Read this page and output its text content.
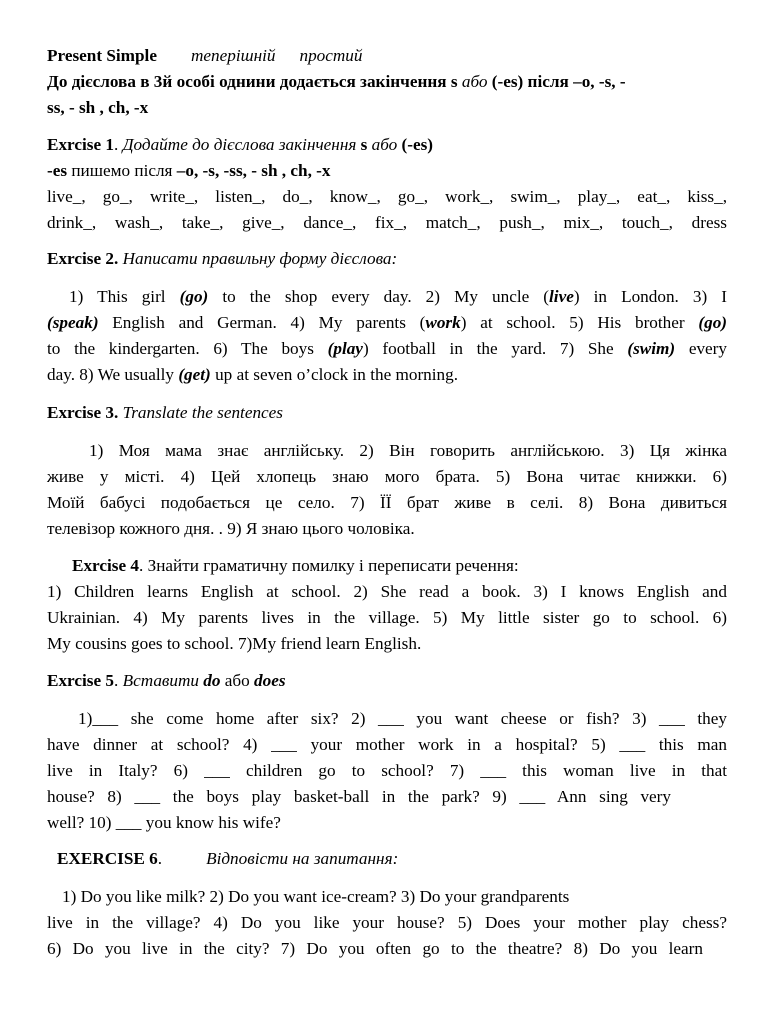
Present Simple теперішній простий
До дієслова в 3й особі однини додається закінчення s або (-es) після –о, -s, -
ss, - sh , ch, -x
Exrcise 1. Додайте до дієслова закінчення s або (-es)
-es пишемо після –о, -s, -ss, - sh , ch, -x
live_, go_, write_, listen_, do_, know_, go_, work_, swim_, play_, eat_, kiss_,
drink_, wash_, take_, give_, dance_, fix_, match_, push_, mix_, touch_, dress
Exrcise 2. Написати правильну форму дієслова:
1) This girl (go) to the shop every day. 2) My uncle (live) in London. 3) I
(speak) English and German. 4) My parents (work) at school. 5) His brother (go)
to the kindergarten. 6) The boys (play) football in the yard. 7) She (swim) every
day. 8) We usually (get) up at seven o’clock in the morning.
Exrcise 3. Translate the sentences
1) Моя мама знає англійську. 2) Він говорить англійською. 3) Ця жінка
живе у місті. 4) Цей хлопець знаю мого брата. 5) Вона читає книжки. 6)
Моїй бабусі подобається це село. 7) ЇЇ брат живе в селі. 8) Вона дивиться
телевізор кожного дня. . 9) Я знаю цього чоловіка.
Exrcise 4. Знайти граматичну помилку і переписати речення:
1) Children learns English at school. 2) She read a book. 3) I knows English and
Ukrainian. 4) My parents lives in the village. 5) My little sister go to school. 6)
My cousins goes to school. 7)My friend learn English.
Exrcise 5. Вставити do або does
1)___ she come home after six? 2) ___ you want cheese or fish? 3) ___ they
have dinner at school? 4) ___ your mother work in a hospital? 5) ___ this man
live in Italy? 6) ___ children go to school? 7) ___ this woman live in that
house? 8) ___ the boys play basket-ball in the park? 9) ___ Ann sing very
well? 10) ___ you know his wife?
EXERCISE 6.	Відповісти на запитання:
1) Do you like milk? 2) Do you want ice-cream? 3) Do your grandparents
live in the village? 4) Do you like your house? 5) Does your mother play chess?
6) Do you live in the city? 7) Do you often go to the theatre? 8) Do you learn
